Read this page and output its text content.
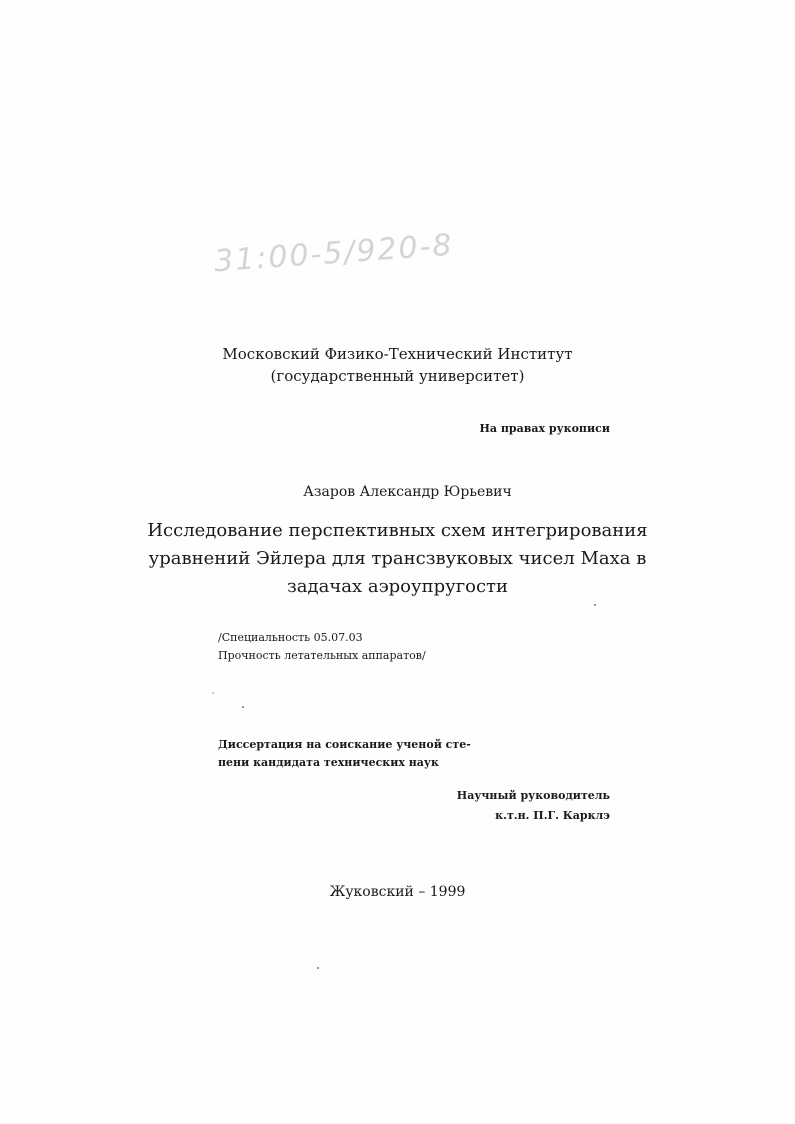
31:00-5/920-8
Московский Физико-Технический Институт
(государственный университет)
На правах рукописи
Азаров Александр Юрьевич
Исследование перспективных схем интегрирования
уравнений Эйлера для трансзвуковых чисел Маха в
задачах аэроупругости
/Специальность 05.07.03
Прочность летательных аппаратов/
Диссертация на соискание ученой сте-
пени кандидата технических наук
Научный руководитель
к.т.н. П.Г. Карклэ
Жуковский – 1999
